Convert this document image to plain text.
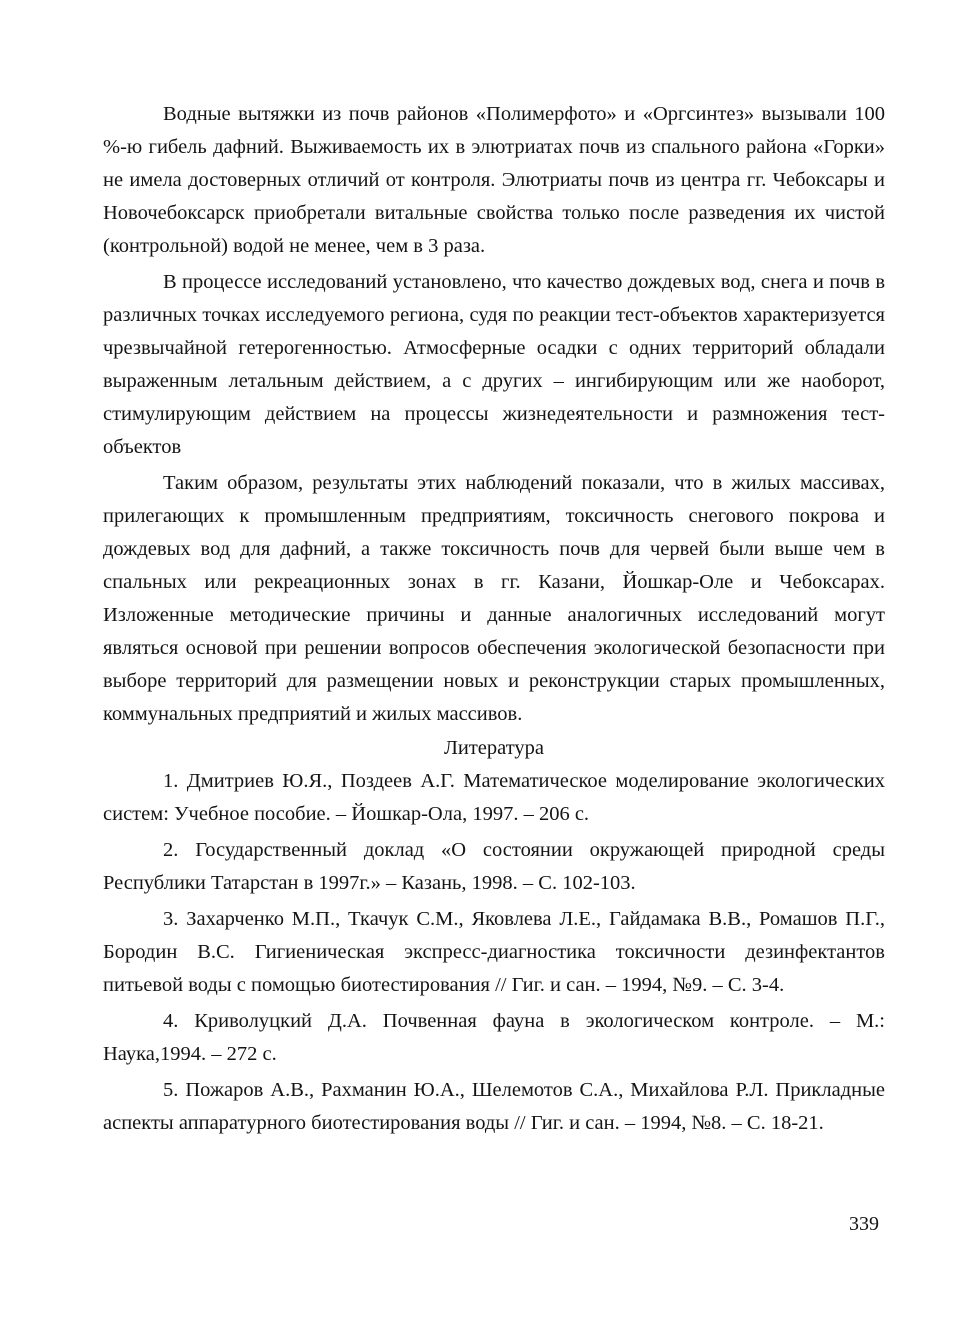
Водные вытяжки из почв районов «Полимерфото» и «Оргсинтез» вызывали 100 %-ю гибель дафний. Выживаемость их в элютриатах почв из спального района «Горки» не имела достоверных отличий от контроля. Элютриаты почв из центра гг. Чебоксары и Новочебоксарск приобретали витальные свойства только после разведения их чистой (контрольной) водой не менее, чем в 3 раза.

В процессе исследований установлено, что качество дождевых вод, снега и почв в различных точках исследуемого региона, судя по реакции тест-объектов характеризуется чрезвычайной гетерогенностью. Атмосферные осадки с одних территорий обладали выраженным летальным действием, а с других – ингибирующим или же наоборот, стимулирующим действием на процессы жизнедеятельности и размножения тест-объектов

Таким образом, результаты этих наблюдений показали, что в жилых массивах, прилегающих к промышленным предприятиям, токсичность снегового покрова и дождевых вод для дафний, а также токсичность почв для червей были выше чем в спальных или рекреационных зонах в гг. Казани, Йошкар-Оле и Чебоксарах. Изложенные методические причины и данные аналогичных исследований могут являться основой при решении вопросов обеспечения экологической безопасности при выборе территорий для размещении новых и реконструкции старых промышленных, коммунальных предприятий и жилых массивов.

Литература

1. Дмитриев Ю.Я., Поздеев А.Г. Математическое моделирование экологических систем: Учебное пособие. – Йошкар-Ола, 1997. – 206 с.

2. Государственный доклад «О состоянии окружающей природной среды Республики Татарстан в 1997г.» – Казань, 1998. – С. 102-103.

3. Захарченко М.П., Ткачук С.М., Яковлева Л.Е., Гайдамака В.В., Ромашов П.Г., Бородин В.С. Гигиеническая экспресс-диагностика токсичности дезинфектантов питьевой воды с помощью биотестирования // Гиг. и сан. – 1994, №9. – С. 3-4.

4. Криволуцкий Д.А. Почвенная фауна в экологическом контроле. – М.: Наука,1994. – 272 с.

5. Пожаров А.В., Рахманин Ю.А., Шелемотов С.А., Михайлова Р.Л. Прикладные аспекты аппаратурного биотестирования воды // Гиг. и сан. – 1994, №8. – С. 18-21.

339
